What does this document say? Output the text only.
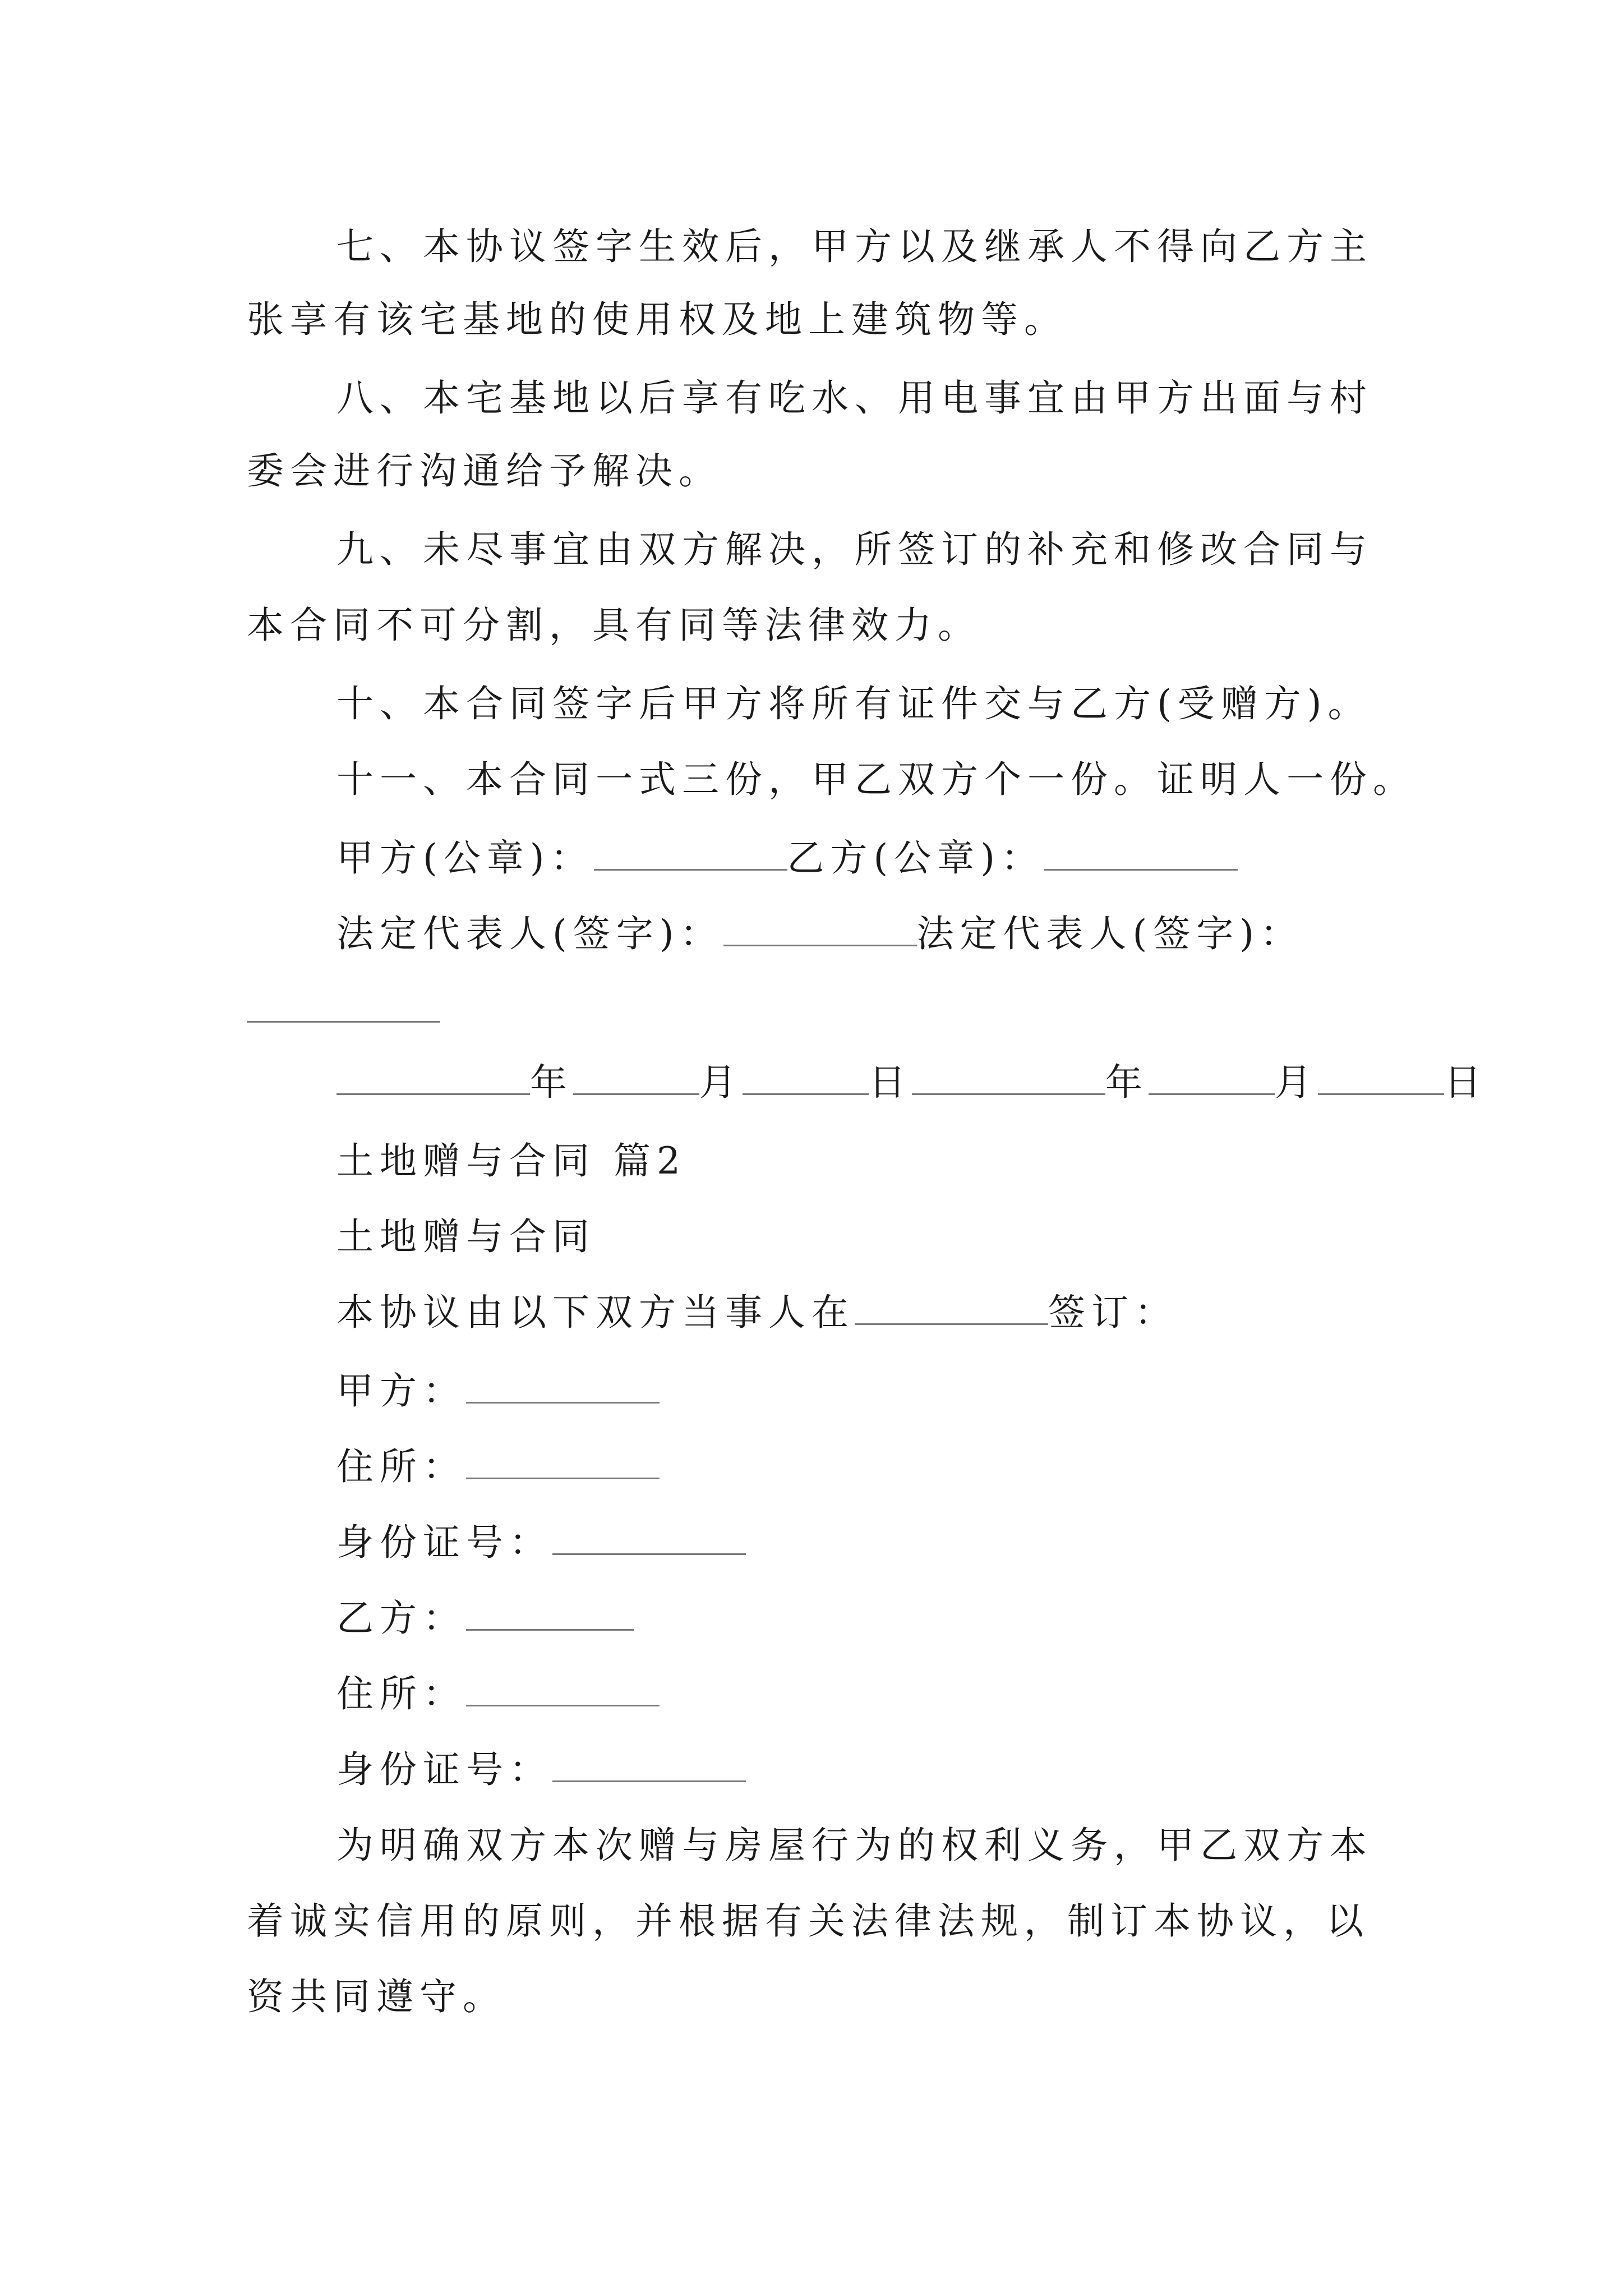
七、本协议签字生效后，甲方以及继承人不得向乙方主
张享有该宅基地的使用权及地上建筑物等。
八、本宅基地以后享有吃水、用电事宜由甲方出面与村
委会进行沟通给予解决。
九、未尽事宜由双方解决，所签订的补充和修改合同与
本合同不可分割，具有同等法律效力。
十、本合同签字后甲方将所有证件交与乙方(受赠方)。
十一、本合同一式三份，甲乙双方个一份。证明人一份。
甲方(公章)：	乙方(公章)：
法定代表人(签字)：	法定代表人(签字)：
年	月	日	年	月	日
土地赠与合同 篇2
土地赠与合同
本协议由以下双方当事人在	签订：
甲方：
住所：
身份证号：
乙方：
住所：
身份证号：
为明确双方本次赠与房屋行为的权利义务，甲乙双方本
着诚实信用的原则，并根据有关法律法规，制订本协议，以
资共同遵守。
